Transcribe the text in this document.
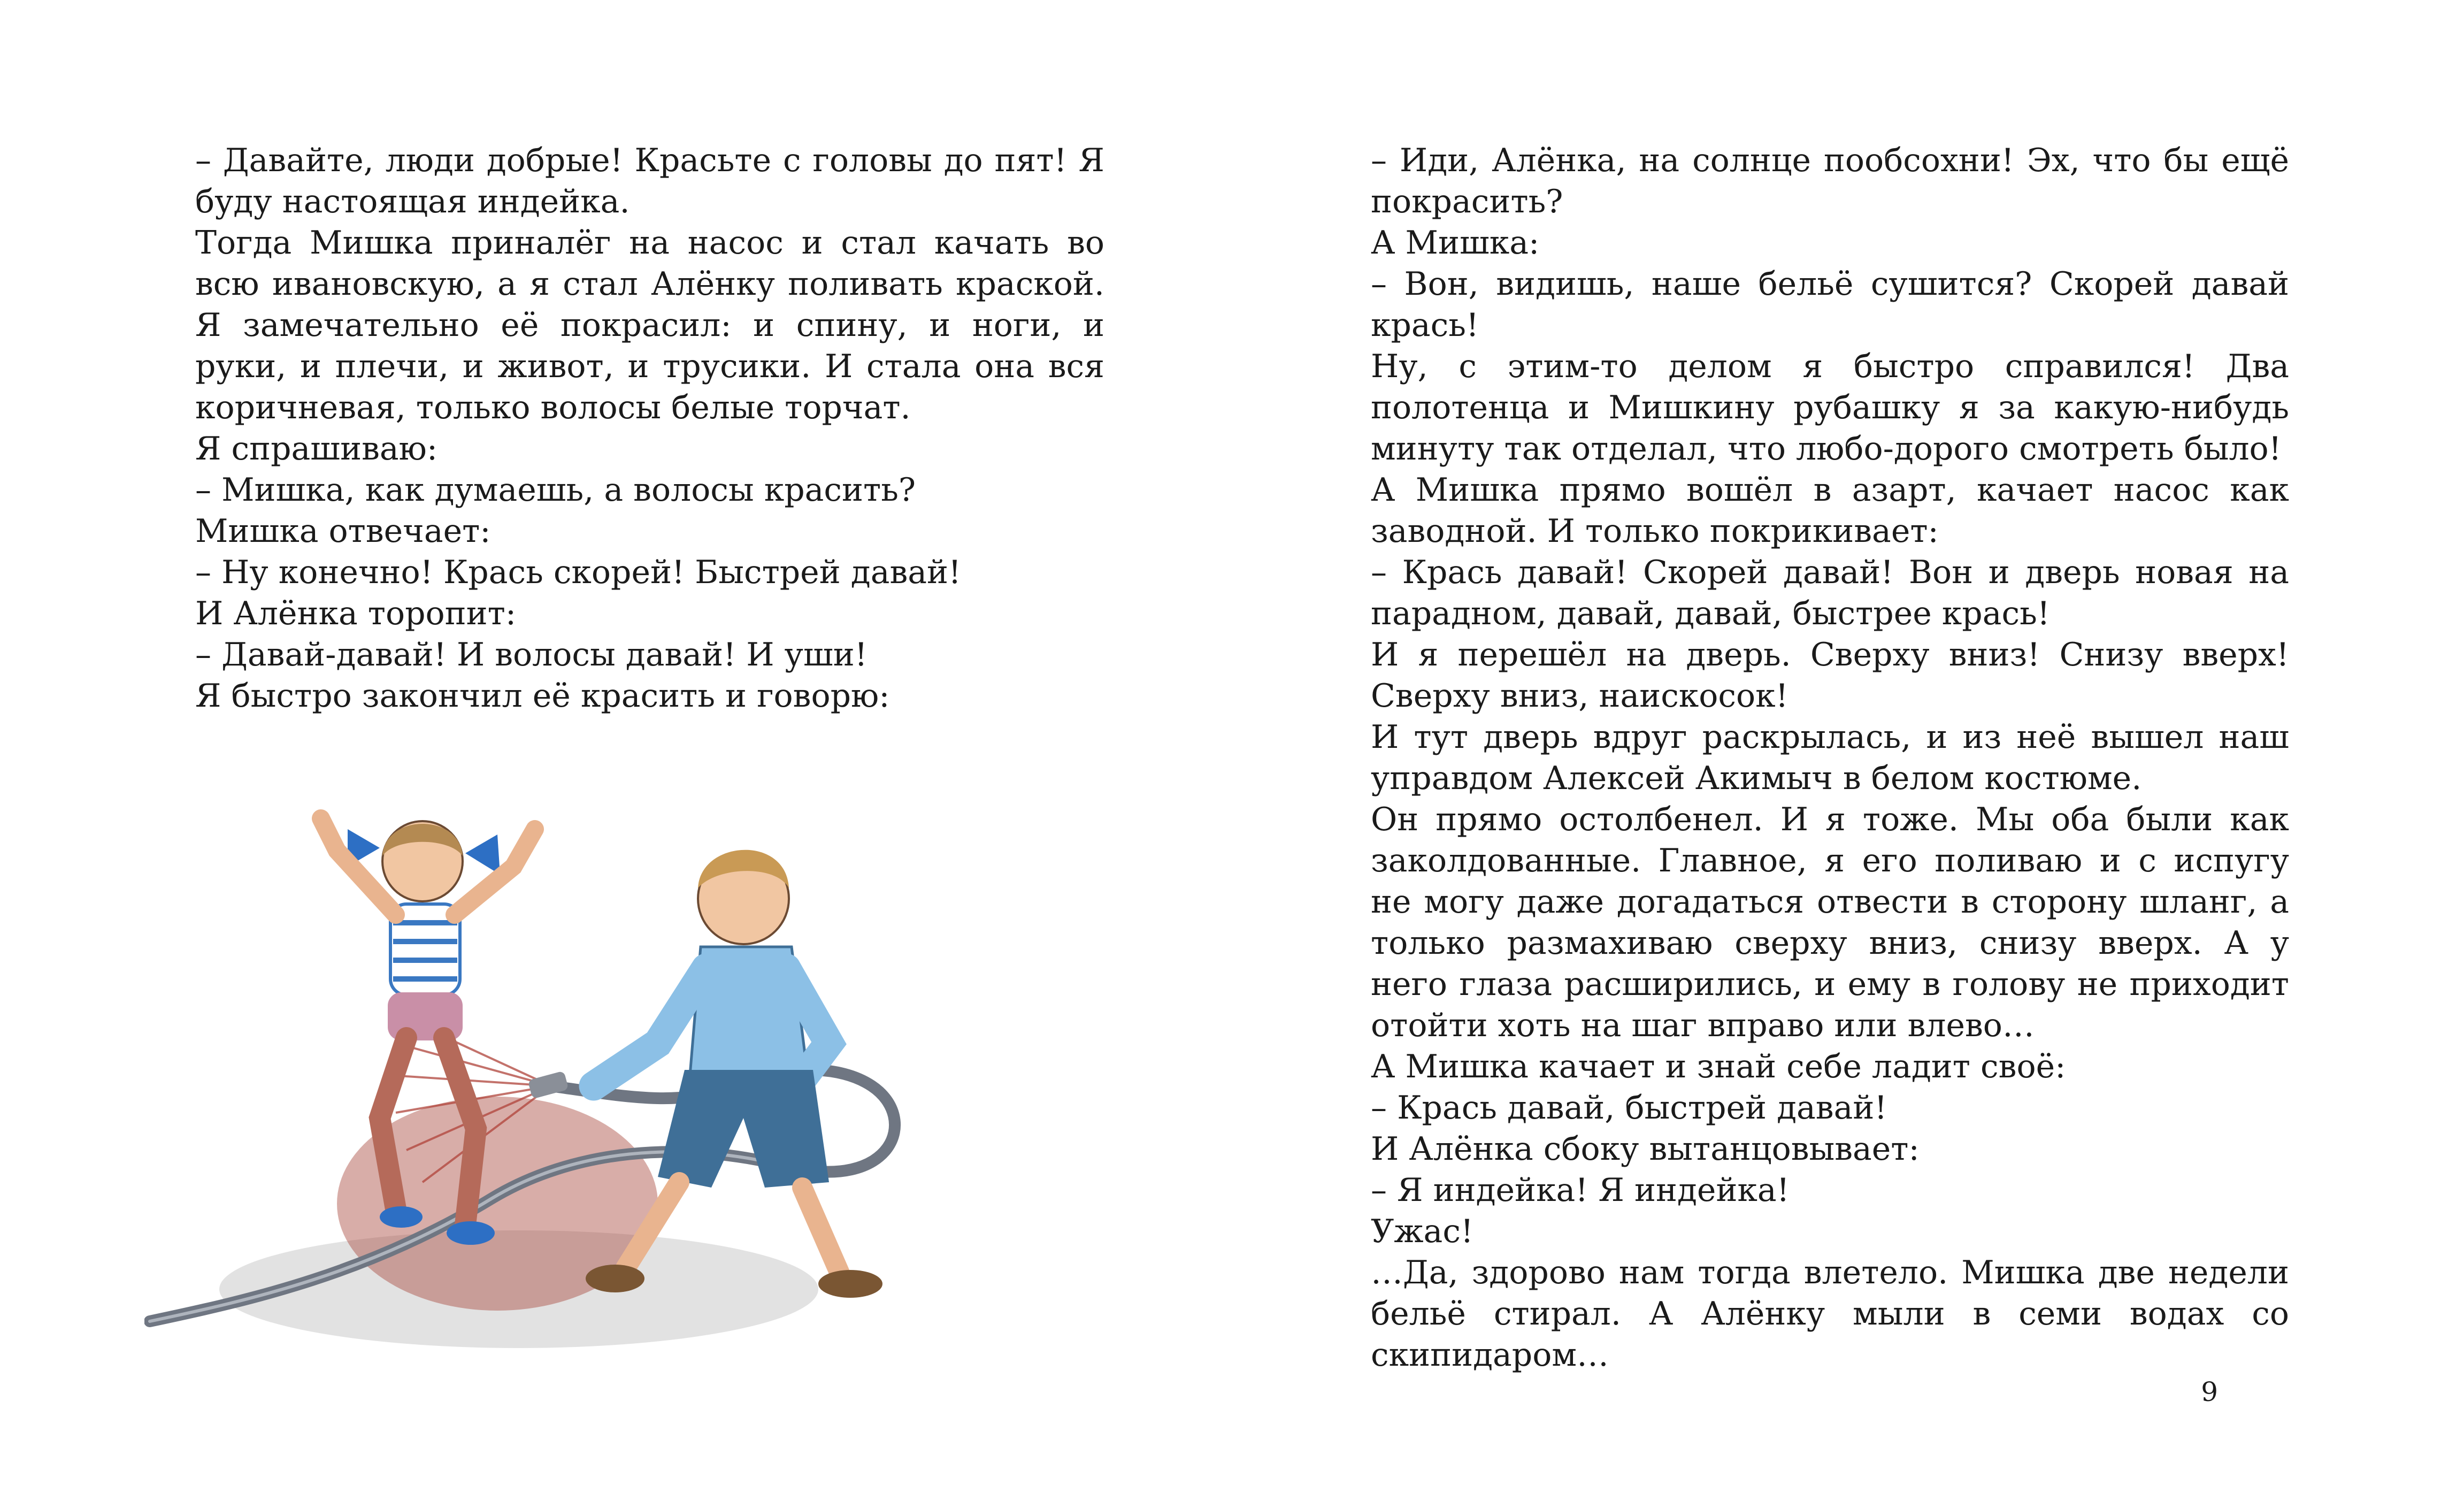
– Давайте, люди добрые! Красьте с головы до пят! Я буду настоящая индейка.

Тогда Мишка приналёг на насос и стал качать во всю ивановскую, а я стал Алёнку поливать краской. Я замечательно её покрасил: и спину, и ноги, и руки, и плечи, и живот, и трусики. И стала она вся коричневая, только волосы белые торчат.

Я спрашиваю:

– Мишка, как думаешь, а волосы красить?

Мишка отвечает:

– Ну конечно! Крась скорей! Быстрей давай!

И Алёнка торопит:

– Давай-давай! И волосы давай! И уши!

Я быстро закончил её красить и говорю:

– Иди, Алёнка, на солнце пообсохни! Эх, что бы ещё покрасить?

А Мишка:

– Вон, видишь, наше бельё сушится? Скорей давай крась!

Ну, с этим-то делом я быстро справился! Два полотенца и Мишкину рубашку я за какую-нибудь минуту так отделал, что любо-дорого смотреть было!

А Мишка прямо вошёл в азарт, качает насос как заводной. И только покрикивает:

– Крась давай! Скорей давай! Вон и дверь новая на парадном, давай, давай, быстрее крась!

И я перешёл на дверь. Сверху вниз! Снизу вверх! Сверху вниз, наискосок!

И тут дверь вдруг раскрылась, и из неё вышел наш управдом Алексей Акимыч в белом костюме.

Он прямо остолбенел. И я тоже. Мы оба были как заколдованные. Главное, я его поливаю и с испугу не могу даже догадаться отвести в сторону шланг, а только размахиваю сверху вниз, снизу вверх. А у него глаза расширились, и ему в голову не приходит отойти хоть на шаг вправо или влево…

А Мишка качает и знай себе ладит своё:

– Крась давай, быстрей давай!

И Алёнка сбоку вытанцовывает:

– Я индейка! Я индейка!

Ужас!

…Да, здорово нам тогда влетело. Мишка две недели бельё стирал. А Алёнку мыли в семи водах со скипидаром…

9
